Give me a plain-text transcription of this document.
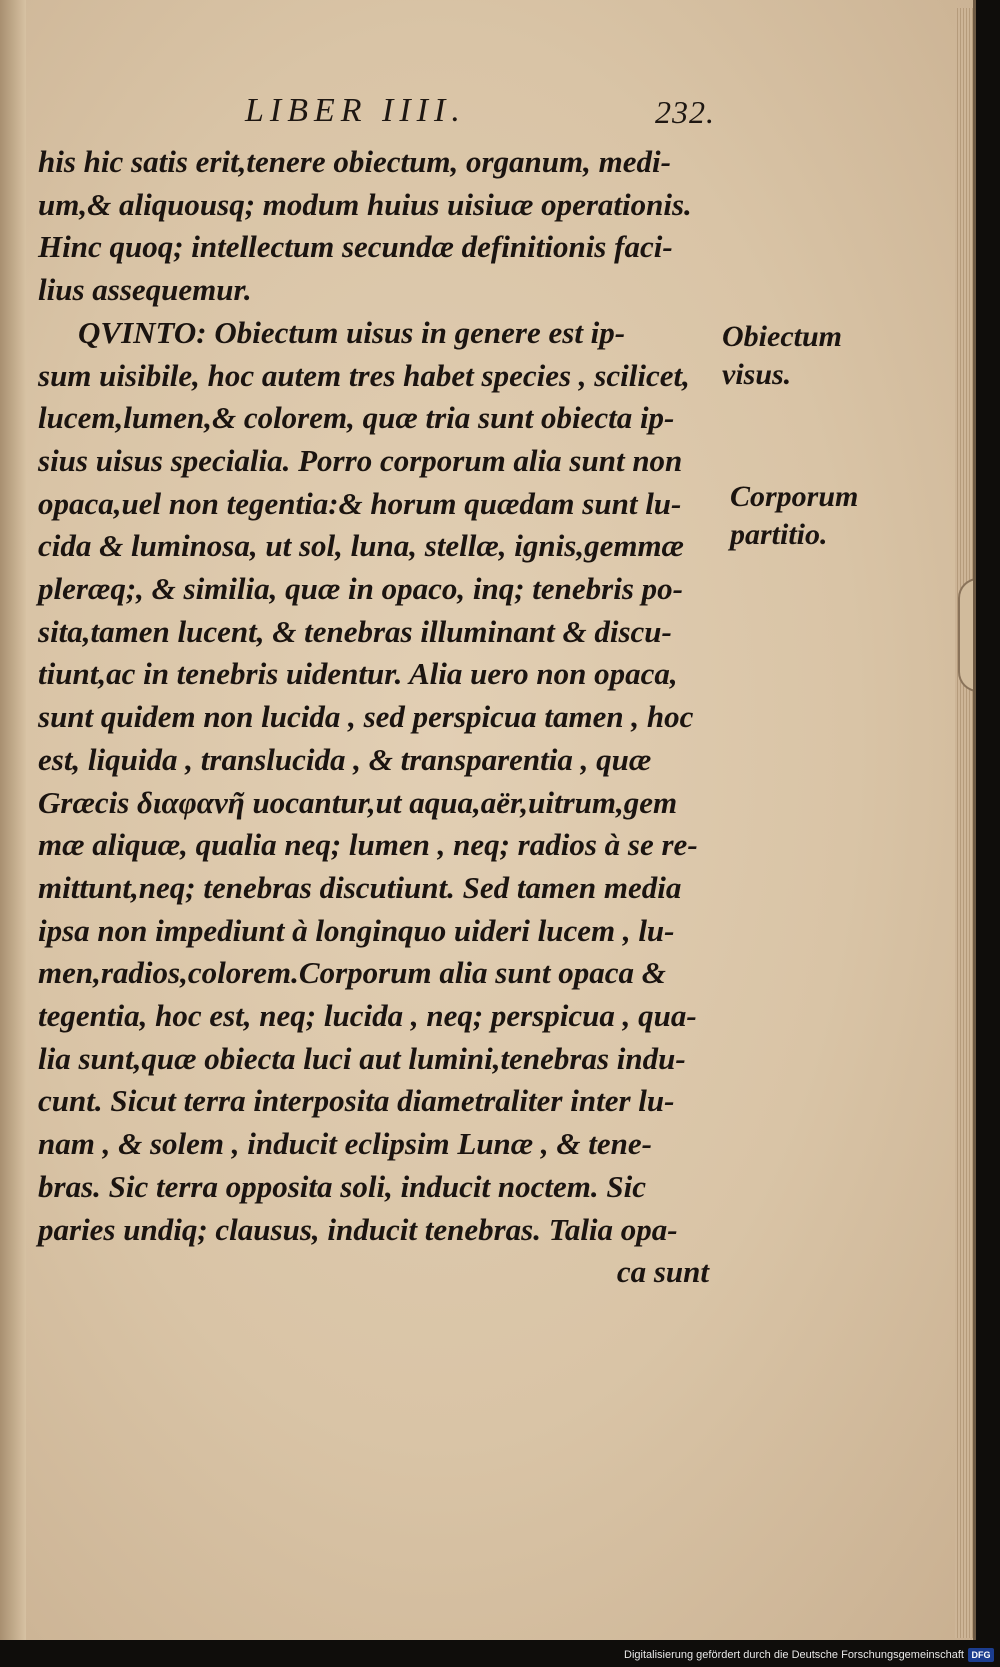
LIBER IIII.	232.
his hic satis erit,tenere obiectum, organum, medi-
um,& aliquousq; modum huius uisiuæ operationis.
Hinc quoq; intellectum secundæ definitionis faci-
lius assequemur.
QVINTO: Obiectum uisus in genere est ip-
sum uisibile, hoc autem tres habet species , scilicet,
lucem,lumen,& colorem, quæ tria sunt obiecta ip-
sius uisus specialia. Porro corporum alia sunt non
opaca,uel non tegentia:& horum quædam sunt lu-
cida & luminosa, ut sol, luna, stellæ, ignis,gemmæ
pleræq;, & similia, quæ in opaco, inq; tenebris po-
sita,tamen lucent, & tenebras illuminant & discu-
tiunt,ac in tenebris uidentur. Alia uero non opaca,
sunt quidem non lucida , sed perspicua tamen , hoc
est, liquida , translucida , & transparentia , quæ
Græcis διαφανῆ uocantur,ut aqua,aër,uitrum,gem
mæ aliquæ, qualia neq; lumen , neq; radios à se re-
mittunt,neq; tenebras discutiunt. Sed tamen media
ipsa non impediunt à longinquo uideri lucem , lu-
men,radios,colorem.Corporum alia sunt opaca &
tegentia, hoc est, neq; lucida , neq; perspicua , qua-
lia sunt,quæ obiecta luci aut lumini,tenebras indu-
cunt. Sicut terra interposita diametraliter inter lu-
nam , & solem , inducit eclipsim Lunæ , & tene-
bras. Sic terra opposita soli, inducit noctem. Sic
paries undiq; clausus, inducit tenebras. Talia opa-
ca sunt
Obiectum
visus.
Corporum
partitio.
Digitalisierung gefördert durch die Deutsche Forschungsgemeinschaft DFG
